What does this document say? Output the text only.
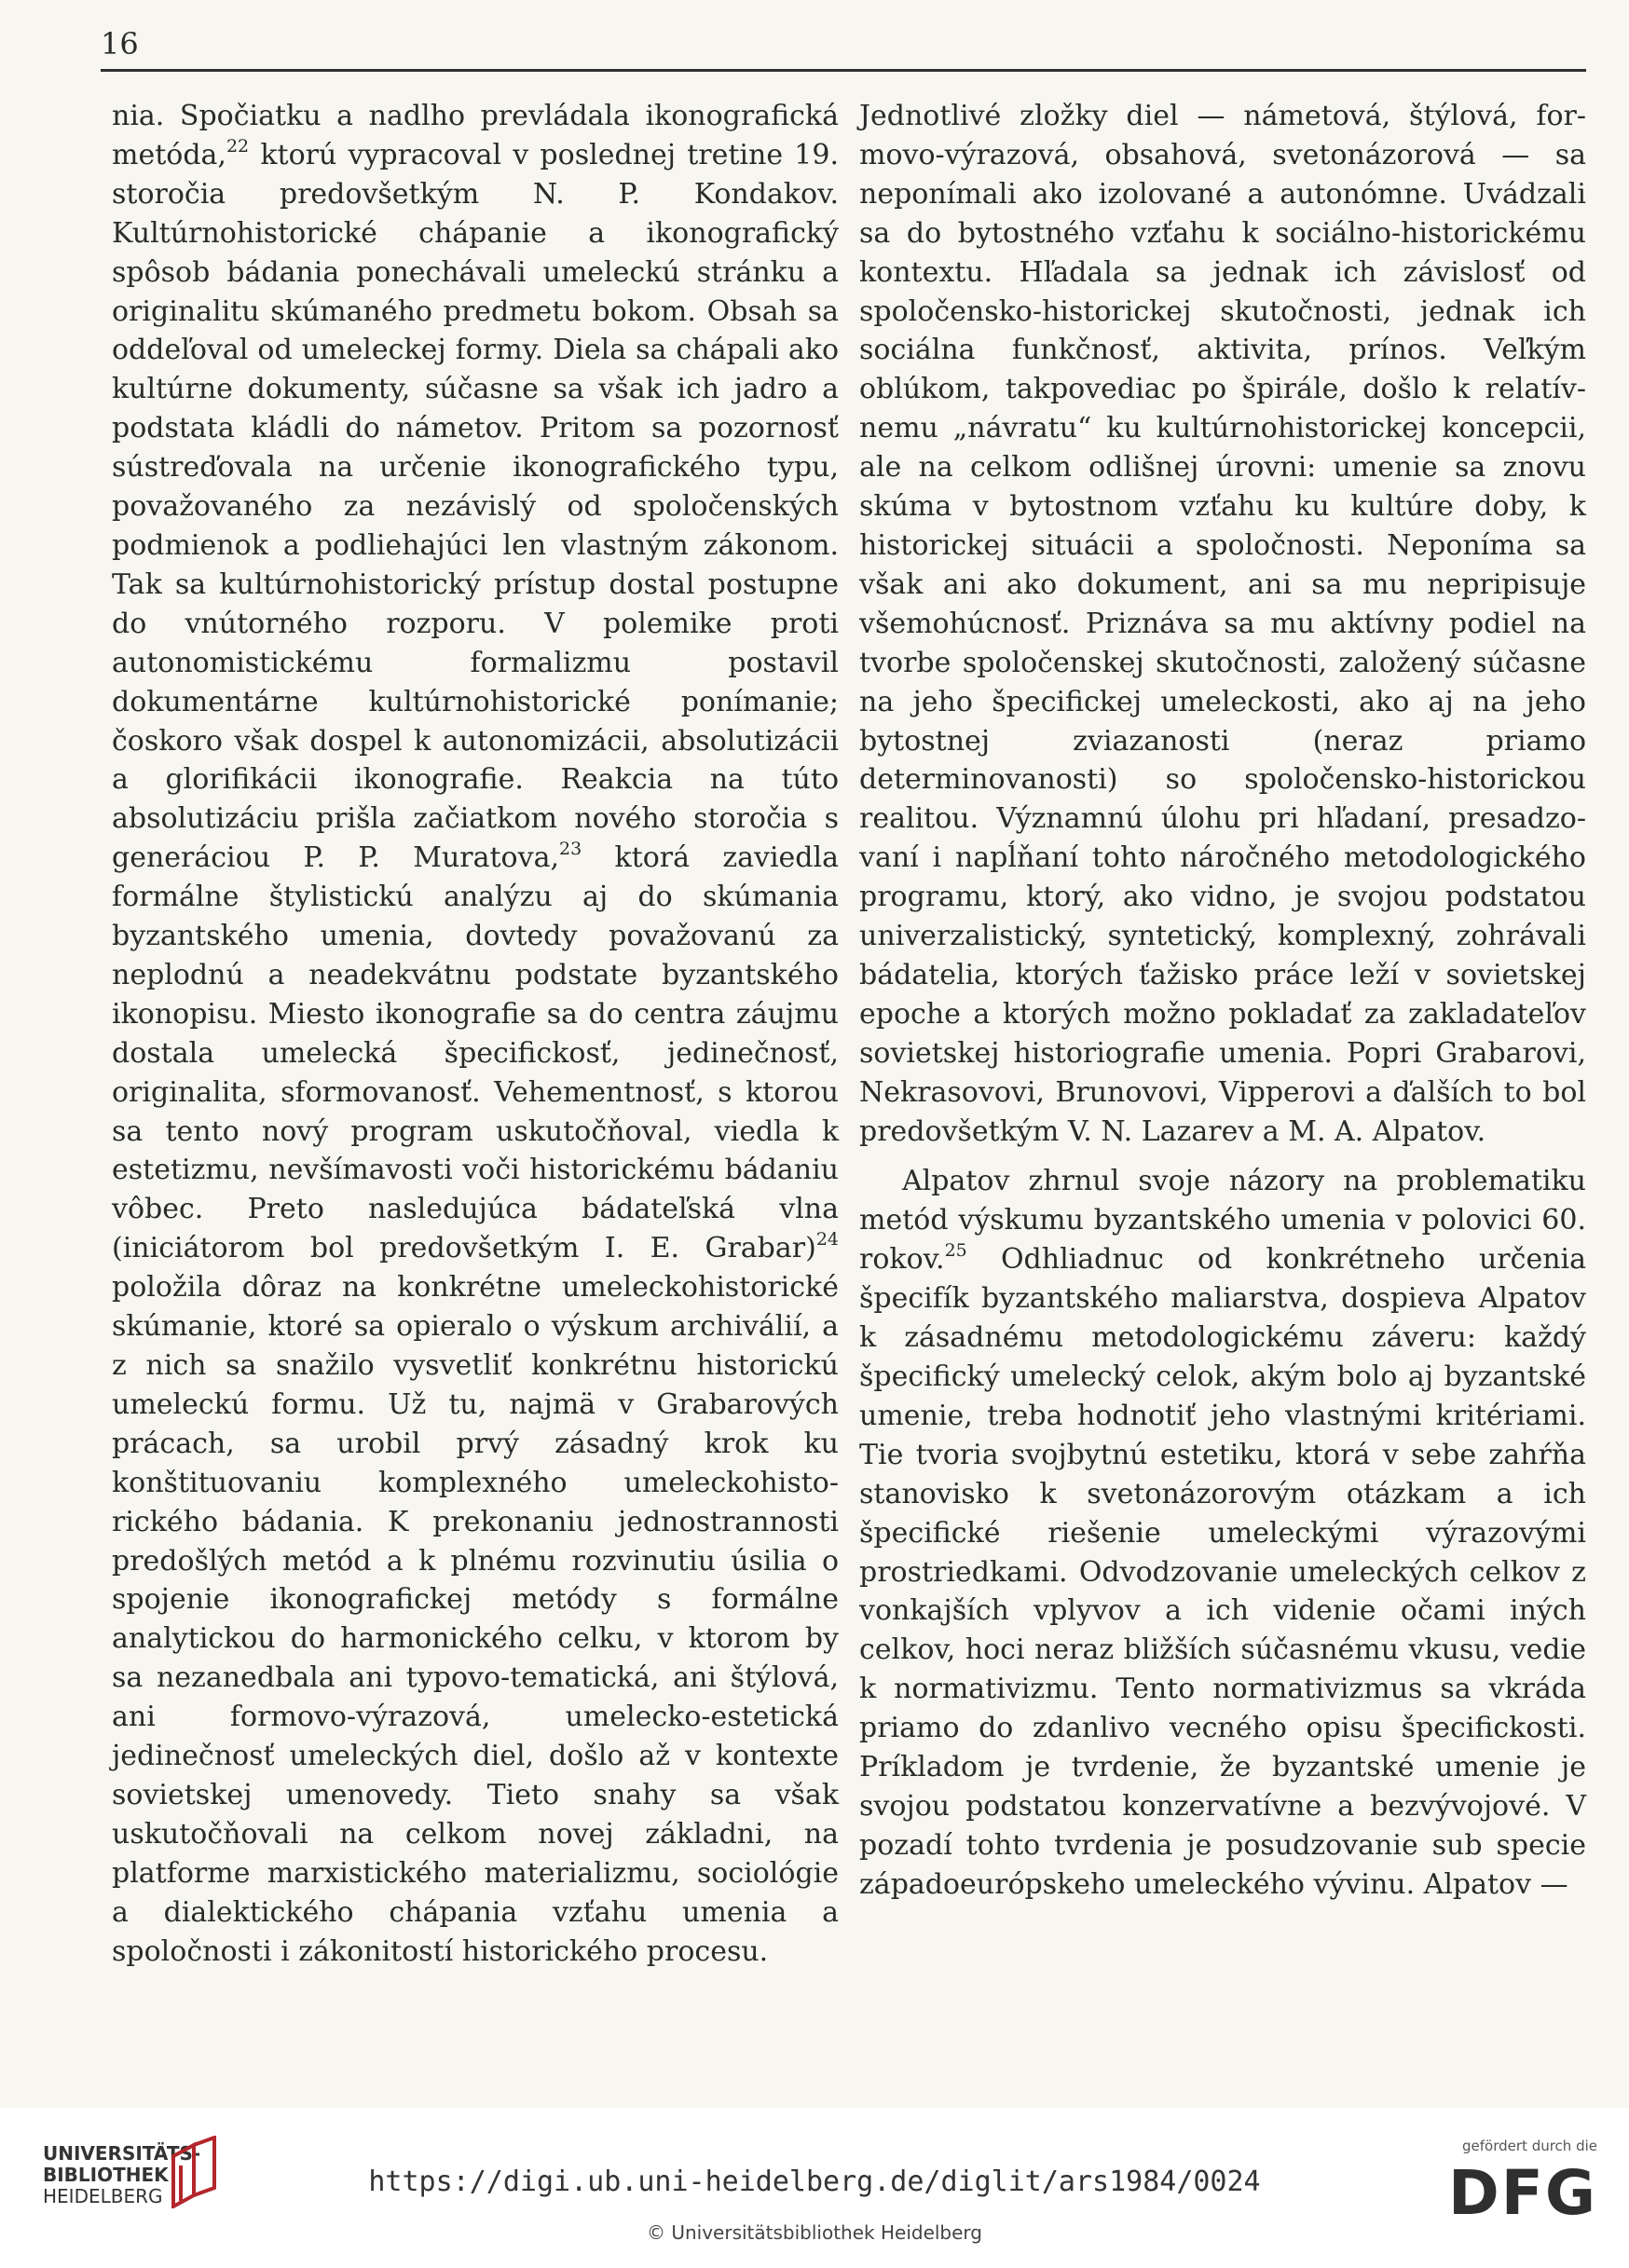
16

nia. Spočiatku a nadlho prevládala ikonografická metóda,$^{22}$ ktorú vypracoval v poslednej tretine 19. storočia predovšetkým N. P. Kondakov. Kultúrnohistorické chápanie a ikonografický spôsob bádania ponechávali umeleckú stránku a originalitu skúmaného predmetu bokom. Obsah sa oddeľoval od umeleckej formy. Diela sa chápali ako kultúrne dokumenty, súčasne sa však ich jadro a podstata kládli do námetov. Pritom sa pozornosť sústreďovala na určenie ikonografického typu, považovaného za nezávislý od spoločenských podmienok a podliehajúci len vlastným zákonom. Tak sa kultúrnohistorický prístup dostal postupne do vnútorného rozporu. V polemike proti autonomistickému formalizmu postavil dokumentárne kultúrnohistorické ponímanie; čoskoro však dospel k autonomizácii, absolutizácii a glorifikácii ikonografie. Reakcia na túto absolutizáciu prišla začiatkom nového storočia s generáciou P. P. Muratova,$^{23}$ ktorá zaviedla formálne štylistickú analýzu aj do skúmania byzantského umenia, dovtedy považovanú za neplodnú a neadekvátnu podstate byzantského ikonopisu. Miesto ikonografie sa do centra záujmu dostala umelecká špecifickosť, jedinečnosť, originalita, sformovanosť. Vehementnosť, s ktorou sa tento nový program uskutočňoval, viedla k estetizmu, nevšímavosti voči historickému bádaniu vôbec. Preto nasledujúca bádateľská vlna (iniciátorom bol predovšetkým I. E. Grabar)$^{24}$ položila dôraz na konkrétne umeleckohistorické skúmanie, ktoré sa opieralo o výskum archiválií, a z nich sa snažilo vysvetliť konkrétnu historickú umeleckú formu. Už tu, najmä v Grabarových prácach, sa urobil prvý zásadný krok ku konštituovaniu komplexného umeleckohistorického bádania. K prekonaniu jednostrannosti predošlých metód a k plnému rozvinutiu úsilia o spojenie ikonografickej metódy s formálne analytickou do harmonického celku, v ktorom by sa nezanedbala ani typovo-tematická, ani štýlová, ani formovo-výrazová, umelecko-estetická jedinečnosť umeleckých diel, došlo až v kontexte sovietskej umenovedy. Tieto snahy sa však uskutočňovali na celkom novej základni, na platforme marxistického materializmu, sociológie a dialektického chápania vzťahu umenia a spoločnosti i zákonitostí historického procesu.

Jednotlivé zložky diel — námetová, štýlová, formovo-výrazová, obsahová, svetonázorová — sa neponímali ako izolované a autonómne. Uvádzali sa do bytostného vzťahu k sociálno-historickému kontextu. Hľadala sa jednak ich závislosť od spoločensko-historickej skutočnosti, jednak ich sociálna funkčnosť, aktivita, prínos. Veľkým oblúkom, takpovediac po špirále, došlo k relatívnemu „návratu“ ku kultúrnohistorickej koncepcii, ale na celkom odlišnej úrovni: umenie sa znovu skúma v bytostnom vzťahu ku kultúre doby, k historickej situácii a spoločnosti. Neponíma sa však ani ako dokument, ani sa mu nepripisuje všemohúcnosť. Priznáva sa mu aktívny podiel na tvorbe spoločenskej skutočnosti, založený súčasne na jeho špecifickej umeleckosti, ako aj na jeho bytostnej zviazanosti (neraz priamo determinovanosti) so spoločensko-historickou realitou. Významnú úlohu pri hľadaní, presadzovaní i napĺňaní tohto náročného metodologického programu, ktorý, ako vidno, je svojou podstatou univerzalistický, syntetický, komplexný, zohrávali bádatelia, ktorých ťažisko práce leží v sovietskej epoche a ktorých možno pokladať za zakladateľov sovietskej historiografie umenia. Popri Grabarovi, Nekrasovovi, Brunovovi, Vipperovi a ďalších to bol predovšetkým V. N. Lazarev a M. A. Alpatov.

Alpatov zhrnul svoje názory na problematiku metód výskumu byzantského umenia v polovici 60. rokov.$^{25}$ Odhliadnuc od konkrétneho určenia špecifík byzantského maliarstva, dospieva Alpatov k zásadnému metodologickému záveru: každý špecifický umelecký celok, akým bolo aj byzantské umenie, treba hodnotiť jeho vlastnými kritériami. Tie tvoria svojbytnú estetiku, ktorá v sebe zahŕňa stanovisko k svetonázorovým otázkam a ich špecifické riešenie umeleckými výrazovými prostriedkami. Odvodzovanie umeleckých celkov z vonkajších vplyvov a ich videnie očami iných celkov, hoci neraz bližších súčasnému vkusu, vedie k normativizmu. Tento normativizmus sa vkráda priamo do zdanlivo vecného opisu špecifickosti. Príkladom je tvrdenie, že byzantské umenie je svojou podstatou konzervatívne a bezvývojové. V pozadí tohto tvrdenia je posudzovanie sub specie západoeurópskeho umeleckého vývinu. Alpatov —

UNIVERSITÄTS-
BIBLIOTHEK
HEIDELBERG	https://digi.ub.uni-heidelberg.de/diglit/ars1984/0024
© Universitätsbibliothek Heidelberg
gefördert durch die
DFG
